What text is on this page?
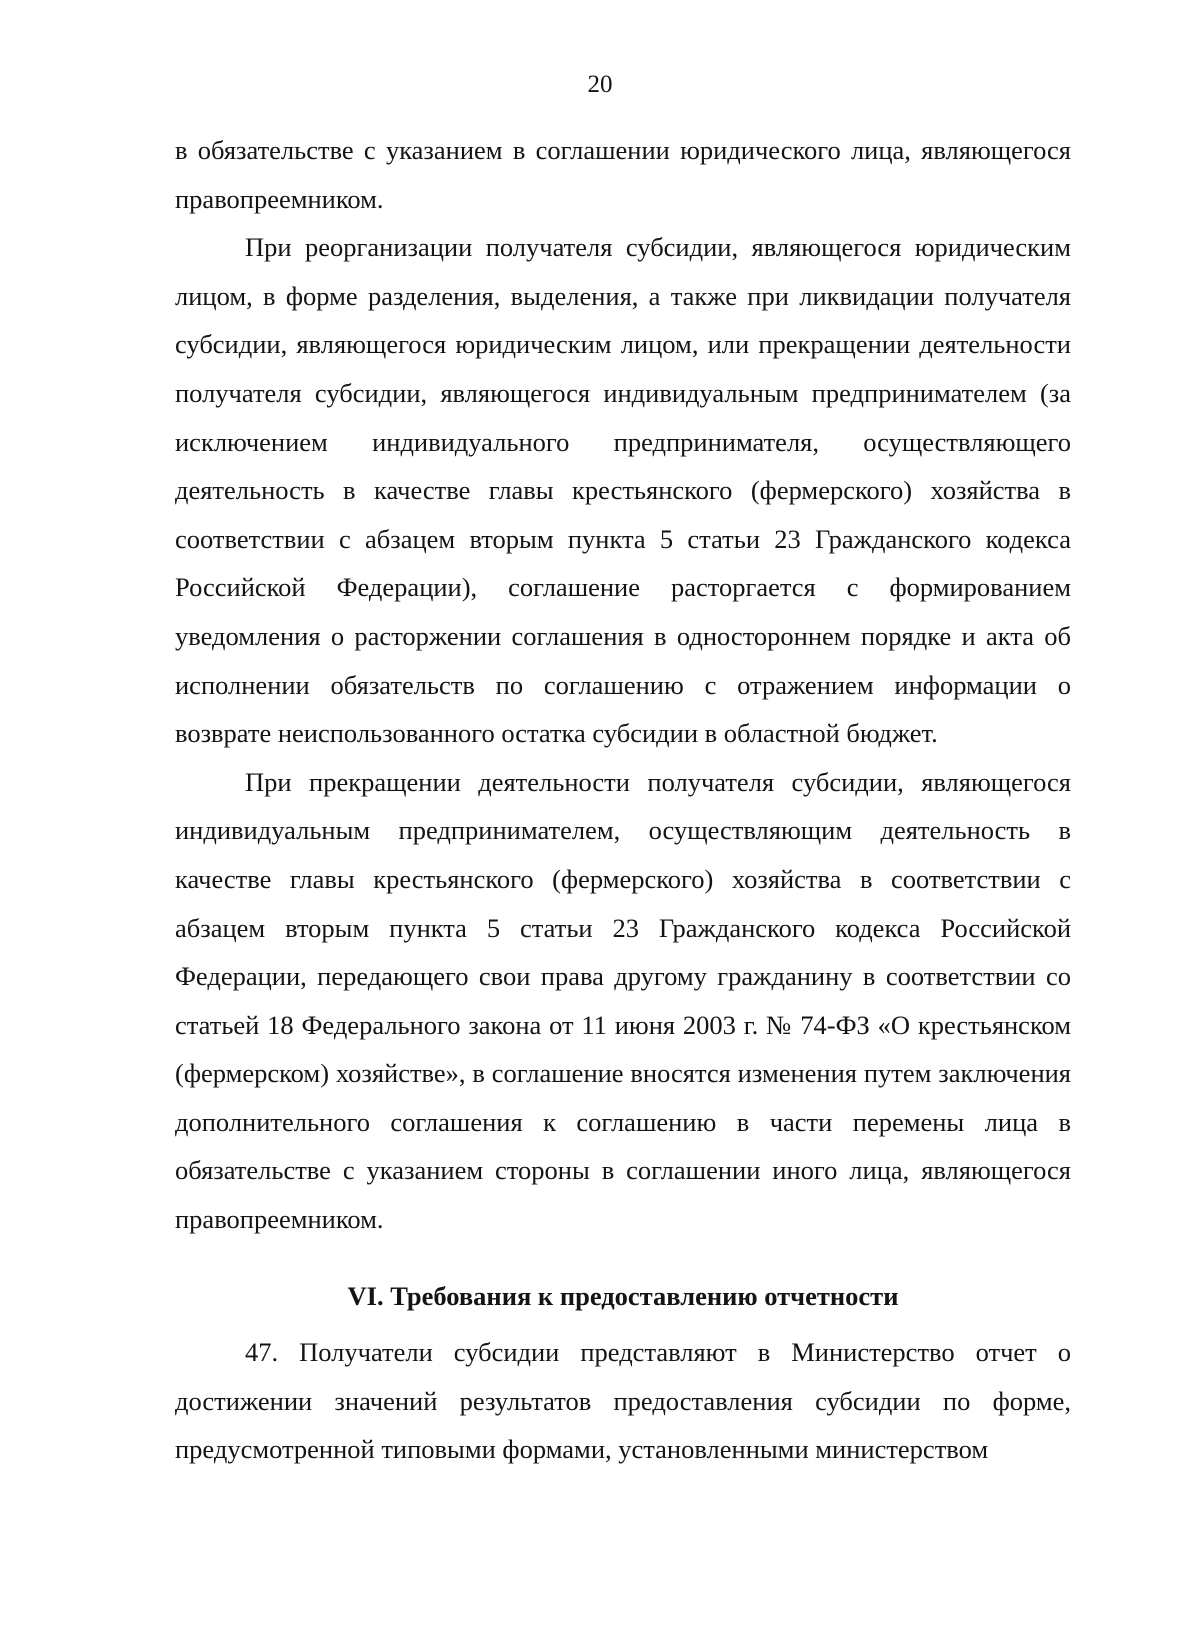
20

в обязательстве с указанием в соглашении юридического лица, являющегося правопреемником.

При реорганизации получателя субсидии, являющегося юридическим лицом, в форме разделения, выделения, а также при ликвидации получателя субсидии, являющегося юридическим лицом, или прекращении деятельности получателя субсидии, являющегося индивидуальным предпринимателем (за исключением индивидуального предпринимателя, осуществляющего деятельность в качестве главы крестьянского (фермерского) хозяйства в соответствии с абзацем вторым пункта 5 статьи 23 Гражданского кодекса Российской Федерации), соглашение расторгается с формированием уведомления о расторжении соглашения в одностороннем порядке и акта об исполнении обязательств по соглашению с отражением информации о возврате неиспользованного остатка субсидии в областной бюджет.

При прекращении деятельности получателя субсидии, являющегося индивидуальным предпринимателем, осуществляющим деятельность в качестве главы крестьянского (фермерского) хозяйства в соответствии с абзацем вторым пункта 5 статьи 23 Гражданского кодекса Российской Федерации, передающего свои права другому гражданину в соответствии со статьей 18 Федерального закона от 11 июня 2003 г. № 74-ФЗ «О крестьянском (фермерском) хозяйстве», в соглашение вносятся изменения путем заключения дополнительного соглашения к соглашению в части перемены лица в обязательстве с указанием стороны в соглашении иного лица, являющегося правопреемником.

VI. Требования к предоставлению отчетности

47. Получатели субсидии представляют в Министерство отчет о достижении значений результатов предоставления субсидии по форме, предусмотренной типовыми формами, установленными министерством
